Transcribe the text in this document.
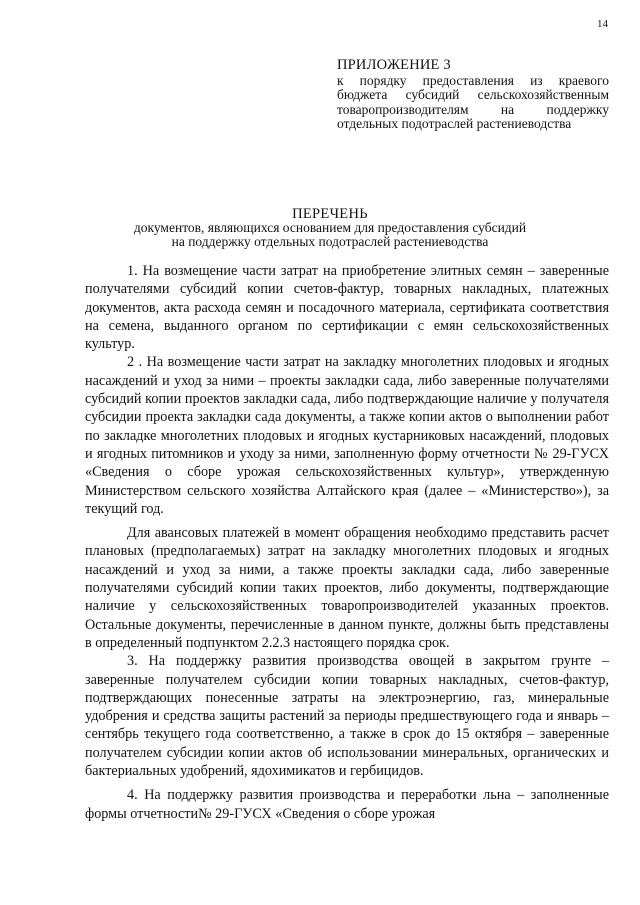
14
ПРИЛОЖЕНИЕ 3
к порядку предоставления из краевого бюджета субсидий сельскохозяйственным товаропроизводителям на поддержку отдельных подотраслей растениеводства
ПЕРЕЧЕНЬ
документов, являющихся основанием для предоставления субсидий
на поддержку отдельных подотраслей растениеводства

1. На возмещение части затрат на приобретение элитных семян – заверенные получателями субсидий копии счетов-фактур, товарных накладных, платежных документов, акта расхода семян и посадочного материала, сертификата соответствия на семена, выданного органом по сертификации с емян сельскохозяйственных культур.

2 . На возмещение части затрат на закладку многолетних плодовых и ягодных насаждений и уход за ними – проекты закладки сада, либо заверенные получателями субсидий копии проектов закладки сада, либо подтверждающие наличие у получателя субсидии проекта закладки сада документы, а также копии актов о выполнении работ по закладке многолетних плодовых и ягодных кустарниковых насаждений, плодовых и ягодных питомников и уходу за ними, заполненную форму отчетности № 29-ГУСХ «Сведения о сборе урожая сельскохозяйственных культур», утвержденную Министерством сельского хозяйства Алтайского края (далее – «Министерство»), за текущий год.

Для авансовых платежей в момент обращения необходимо представить расчет плановых (предполагаемых) затрат на закладку многолетних плодовых и ягодных насаждений и уход за ними, а также проекты закладки сада, либо заверенные получателями субсидий копии таких проектов, либо документы, подтверждающие наличие у сельскохозяйственных товаропроизводителей указанных проектов. Остальные документы, перечисленные в данном пункте, должны быть представлены в определенный подпунктом 2.2.3 настоящего порядка срок.

3. На поддержку развития производства овощей в закрытом грунте – заверенные получателем субсидии копии товарных накладных, счетов-фактур, подтверждающих понесенные затраты на электроэнергию, газ, минеральные удобрения и средства защиты растений за периоды предшествующего года и январь – сентябрь текущего года соответственно, а также в срок до 15 октября – заверенные получателем субсидии копии актов об использовании минеральных, органических и бактериальных удобрений, ядохимикатов и гербицидов.

4. На поддержку развития производства и переработки льна – заполненные формы отчетности№ 29-ГУСХ «Сведения о сборе урожая
